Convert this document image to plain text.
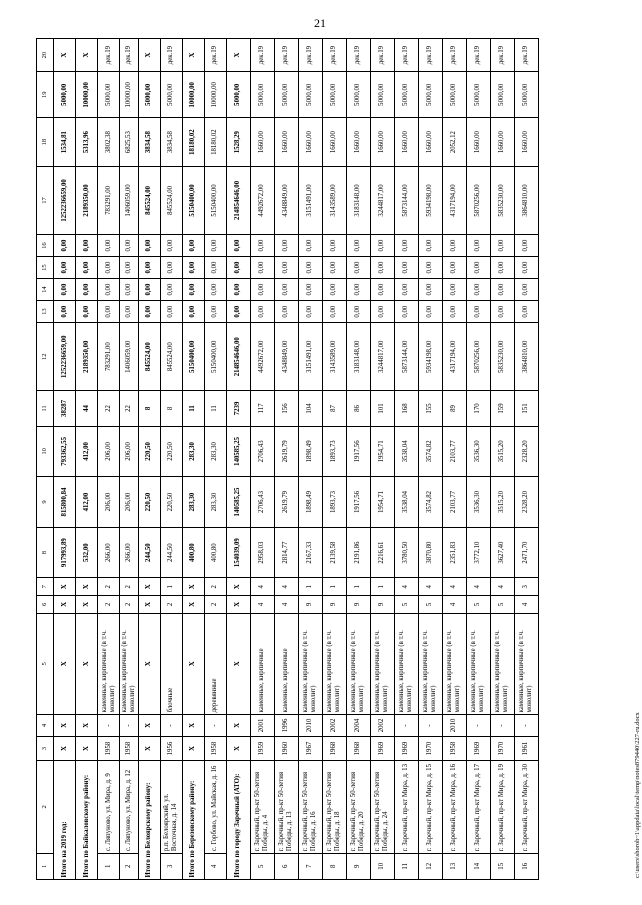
21
1	2	3	4	5	6	7	8	9	10	11	12	13	14	15	16	17	18	19	20
Итого на 2019 год:		Х	Х	Х	Х	Х	917993,89	815800,84	793362,55	38287	1252236659,00	0,00	0,00	0,00	0,00	1252236659,00	1534,81	5000,00	Х
Итого по Байкаловскому району:		Х	Х	Х	Х	Х	532,00	412,00	412,00	44	2189350,00	0,00	0,00	0,00	0,00	2189350,00	5313,96	10000,00	Х
1	с. Ляпуново, ул. Мира, д. 9	1958	-	каменные, кирпичные (в т.ч. монолит)	2	2	266,00	206,00	206,00	22	783291,00	0,00	0,00	0,00	0,00	783291,00	3802,38	5000,00	дек.19
2	с. Ляпуново, ул. Мира, д. 12	1958	-	каменные, кирпичные (в т.ч. монолит)	2	2	266,00	206,00	206,00	22	1406059,00	0,00	0,00	0,00	0,00	1406059,00	6825,53	10000,00	дек.19
Итого по Белоярскому району:		Х	Х	Х	Х	Х	244,50	220,50	220,50	8	845524,00	0,00	0,00	0,00	0,00	845524,00	3834,58	5000,00	Х
3	р.п. Белоярский, ул. Восточная, д. 14	1956	-	блочные	2	1	244,50	220,50	220,50	8	845524,00	0,00	0,00	0,00	0,00	845524,00	3834,58	5000,00	дек.19
Итого по Березовскому району:		Х	Х	Х	Х	Х	400,80	283,30	283,30	11	5150400,00	0,00	0,00	0,00	0,00	5150400,00	18180,02	10000,00	Х
4	с. Горбово, ул. Майская, д. 16	1958	-	деревянные	2	2	400,80	283,30	283,30	11	5150400,00	0,00	0,00	0,00	0,00	5150400,00	18180,02	10000,00	дек.19
Итого по городу Заречный (АТО):		Х	Х	Х	Х	Х	154039,09	140585,25	140585,25	7239	214854646,00	0,00	0,00	0,00	0,00	214854646,00	1528,29	5000,00	Х
5	г. Заречный, пр-кт 50-летия Победы, д. 4	1959	2001	каменные, кирпичные	4	4	2958,03	2706,43	2706,43	117	4492672,00	0,00	0,00	0,00	0,00	4492672,00	1660,00	5000,00	дек.19
6	г. Заречный, пр-кт 50-летия Победы, д. 13	1960	1996	каменные, кирпичные	4	4	2814,77	2619,79	2619,79	156	4348849,00	0,00	0,00	0,00	0,00	4348849,00	1660,00	5000,00	дек.19
7	г. Заречный, пр-кт 50-летия Победы, д. 16	1967	2010	каменные, кирпичные (в т.ч. монолит)	9	1	2167,33	1898,49	1898,49	104	3151491,00	0,00	0,00	0,00	0,00	3151491,00	1660,00	5000,00	дек.19
8	г. Заречный, пр-кт 50-летия Победы, д. 18	1968	2002	каменные, кирпичные (в т.ч. монолит)	9	1	2139,58	1893,73	1893,73	87	3143589,00	0,00	0,00	0,00	0,00	3143589,00	1660,00	5000,00	дек.19
9	г. Заречный, пр-кт 50-летия Победы, д. 20	1968	2004	каменные, кирпичные (в т.ч. монолит)	9	1	2191,86	1917,56	1917,56	86	3183148,00	0,00	0,00	0,00	0,00	3183148,00	1660,00	5000,00	дек.19
10	г. Заречный, пр-кт 50-летия Победы, д. 24	1969	2002	каменные, кирпичные (в т.ч. монолит)	9	1	2216,61	1954,71	1954,71	101	3244817,00	0,00	0,00	0,00	0,00	3244817,00	1660,00	5000,00	дек.19
11	г. Заречный, пр-кт Мира, д. 13	1969	-	каменные, кирпичные (в т.ч. монолит)	5	4	3780,50	3538,04	3538,04	168	5873144,00	0,00	0,00	0,00	0,00	5873144,00	1660,00	5000,00	дек.19
12	г. Заречный, пр-кт Мира, д. 15	1970	-	каменные, кирпичные (в т.ч. монолит)	5	4	3870,80	3574,82	3574,82	155	5934198,00	0,00	0,00	0,00	0,00	5934198,00	1660,00	5000,00	дек.19
13	г. Заречный, пр-кт Мира, д. 16	1958	2010	каменные, кирпичные (в т.ч. монолит)	4	4	2351,83	2103,77	2103,77	89	4317194,00	0,00	0,00	0,00	0,00	4317194,00	2052,12	5000,00	дек.19
14	г. Заречный, пр-кт Мира, д. 17	1969	-	каменные, кирпичные (в т.ч. монолит)	5	4	3772,10	3536,30	3536,30	170	5870256,00	0,00	0,00	0,00	0,00	5870256,00	1660,00	5000,00	дек.19
15	г. Заречный, пр-кт Мира, д. 19	1970	-	каменные, кирпичные (в т.ч. монолит)	5	4	3627,40	3515,20	3515,20	159	5835230,00	0,00	0,00	0,00	0,00	5835230,00	1660,00	5000,00	дек.19
16	г. Заречный, пр-кт Мира, д. 30	1961	-	каменные, кирпичные (в т.ч. монолит)	4	3	2471,70	2328,20	2328,20	151	3864810,00	0,00	0,00	0,00	0,00	3864810,00	1660,00	5000,00	дек.19
c:\users\shoroh~1\appdata\local\temp\notes879440\227-ru.docx
